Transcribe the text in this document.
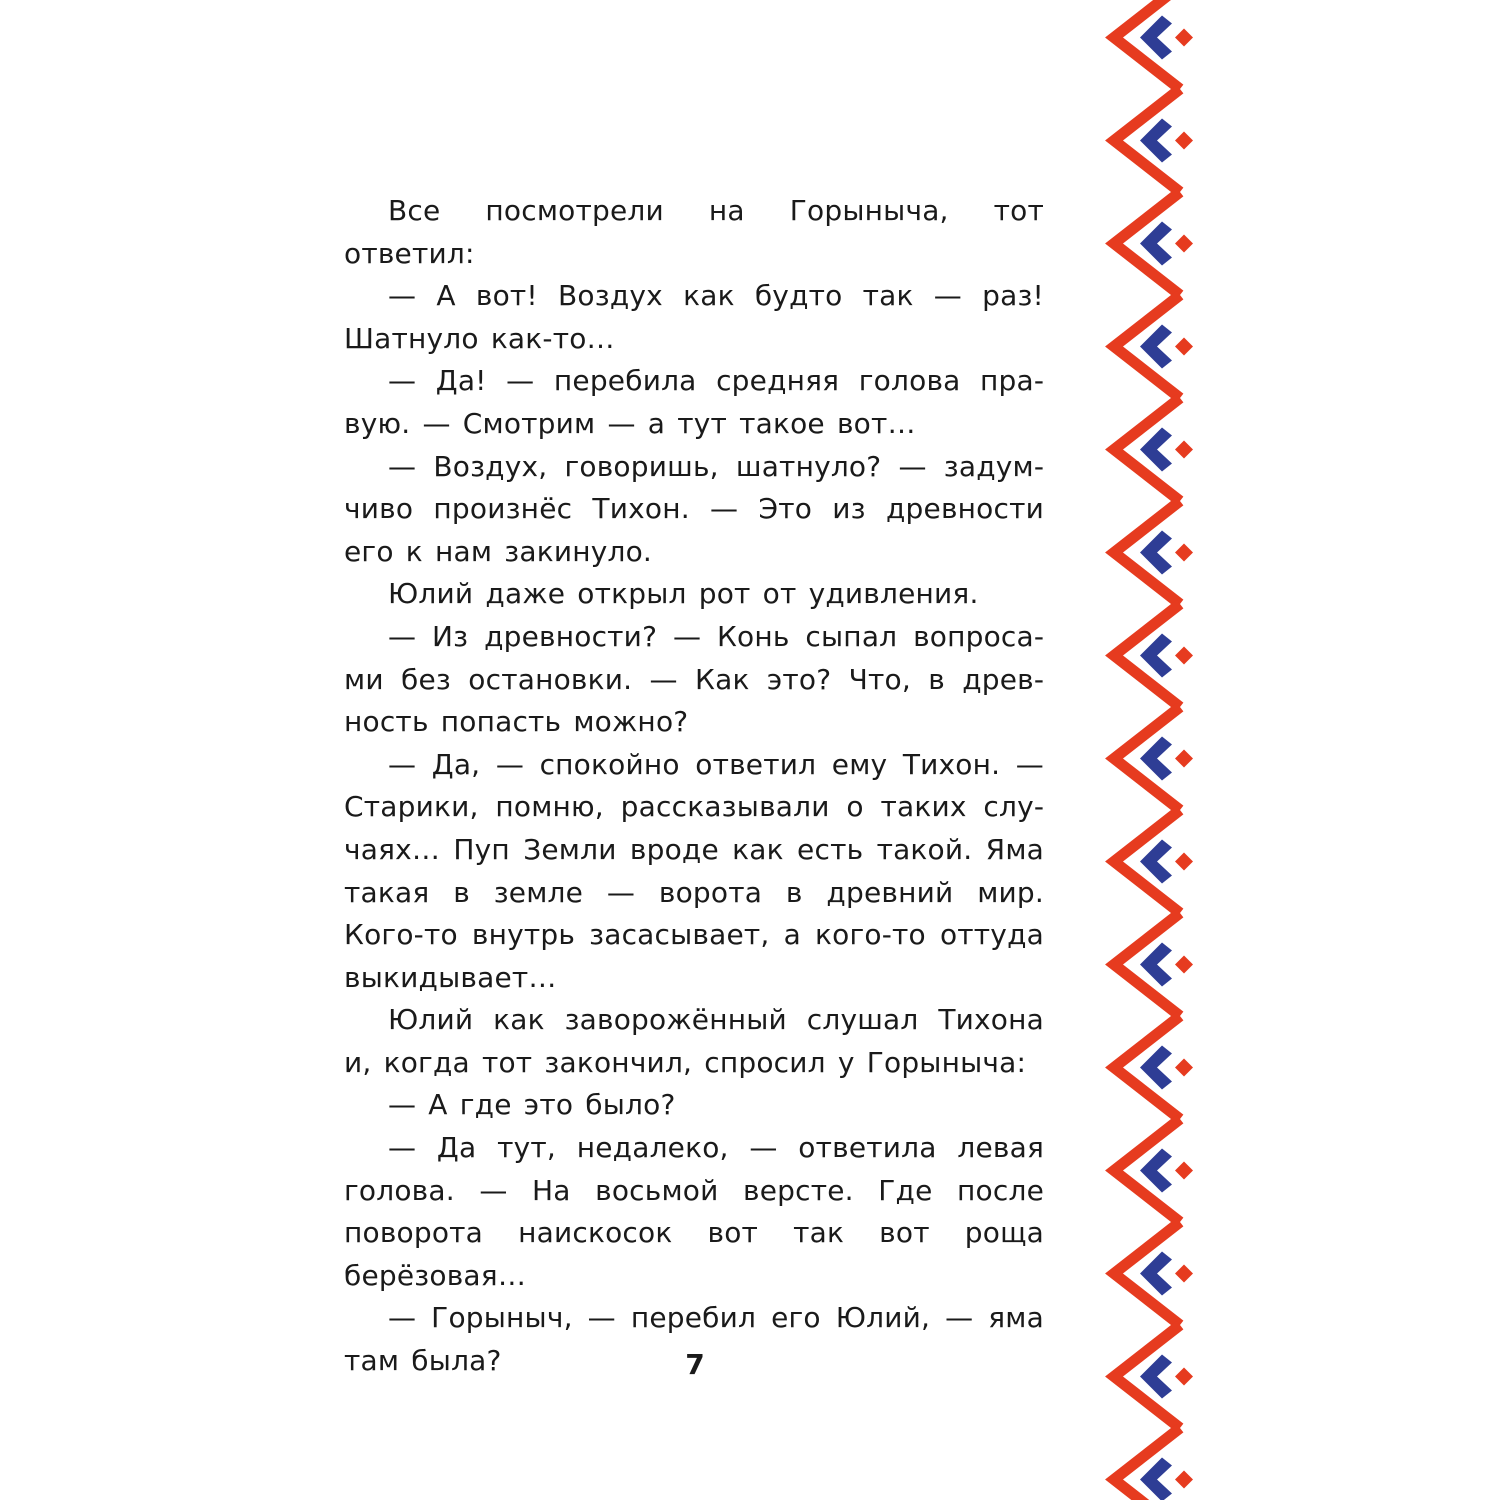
Все посмотрели на Горыныча, тот ответил:

— А вот! Воздух как будто так — раз! Шатнуло как-то…

— Да! — перебила средняя голова правую. — Смотрим — а тут такое вот…

— Воздух, говоришь, шатнуло? — задумчиво произнёс Тихон. — Это из древности его к нам закинуло.

Юлий даже открыл рот от удивления.

— Из древности? — Конь сыпал вопросами без остановки. — Как это? Что, в древность попасть можно?

— Да, — спокойно ответил ему Тихон. — Старики, помню, рассказывали о таких случаях… Пуп Земли вроде как есть такой. Яма такая в земле — ворота в древний мир. Кого-то внутрь засасывает, а кого-то оттуда выкидывает…

Юлий как заворожённый слушал Тихона и, когда тот закончил, спросил у Горыныча:

— А где это было?

— Да тут, недалеко, — ответила левая голова. — На восьмой версте. Где после поворота наискосок вот так вот роща берёзовая…

— Горыныч, — перебил его Юлий, — яма там была?	7
